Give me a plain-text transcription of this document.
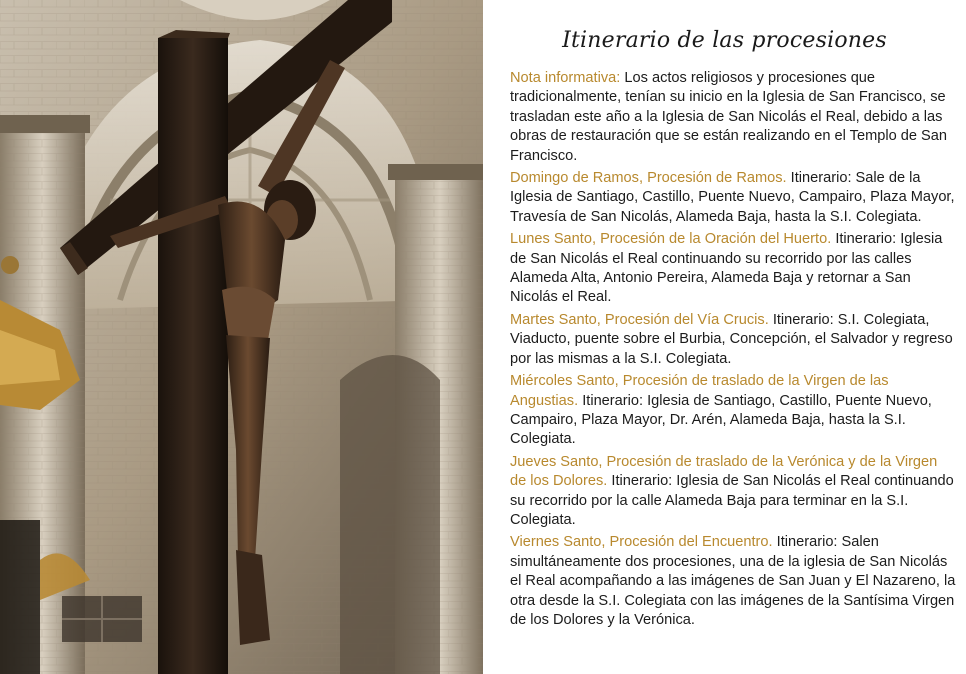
Itinerario de las procesiones

Nota informativa: Los actos religiosos y procesiones que tradicionalmente, tenían su inicio en la Iglesia de San Francisco, se trasladan este año a la Iglesia de San Nicolás el Real, debido a las obras de restauración que se están realizando en el Templo de San Francisco.

Domingo de Ramos, Procesión de Ramos. Itinerario: Sale de la Iglesia de Santiago, Castillo, Puente Nuevo, Campairo, Plaza Mayor, Travesía de San Nicolás, Alameda Baja, hasta la S.I. Colegiata.

Lunes Santo, Procesión de la Oración del Huerto. Itinerario: Iglesia de San Nicolás el Real continuando su recorrido por las calles Alameda Alta, Antonio Pereira, Alameda Baja y retornar a San Nicolás el Real.

Martes Santo, Procesión del Vía Crucis. Itinerario: S.I. Colegiata, Viaducto, puente sobre el Burbia, Concepción, el Salvador y regreso por las mismas a la S.I. Colegiata.

Miércoles Santo, Procesión de traslado de la Virgen de las Angustias. Itinerario: Iglesia de Santiago, Castillo, Puente Nuevo, Campairo, Plaza Mayor, Dr. Arén, Alameda Baja, hasta la S.I. Colegiata.

Jueves Santo, Procesión de traslado de la Verónica y de la Virgen de los Dolores. Itinerario: Iglesia de San Nicolás el Real continuando su recorrido por la calle Alameda Baja para terminar en la S.I. Colegiata.

Viernes Santo, Procesión del Encuentro. Itinerario: Salen simultáneamente dos procesiones, una de la iglesia de San Nicolás el Real acompañando a las imágenes de San Juan y El Nazareno, la otra desde la S.I. Colegiata con las imágenes de la Santísima Virgen de los Dolores y la Verónica.
